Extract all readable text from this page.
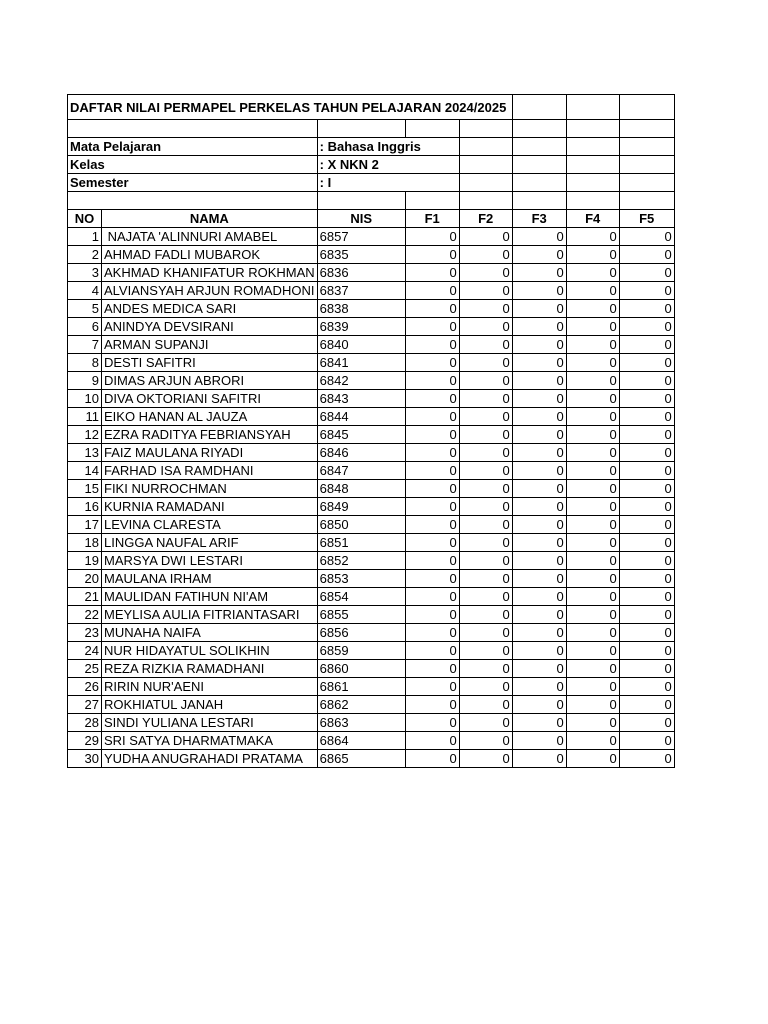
DAFTAR NILAI PERMAPEL PERKELAS TAHUN PELAJARAN 2024/2025							

Mata Pelajaran		: Bahasa Inggris					
Kelas		: X NKN 2					
Semester		: I					

NO	NAMA	NIS	F1	F2	F3	F4	F5
1	NAJATA 'ALINNURI AMABEL	6857	0	0	0	0	0
2	AHMAD FADLI MUBAROK	6835	0	0	0	0	0
3	AKHMAD KHANIFATUR ROKHMAN	6836	0	0	0	0	0
4	ALVIANSYAH ARJUN ROMADHONI	6837	0	0	0	0	0
5	ANDES MEDICA SARI	6838	0	0	0	0	0
6	ANINDYA DEVSIRANI	6839	0	0	0	0	0
7	ARMAN SUPANJI	6840	0	0	0	0	0
8	DESTI SAFITRI	6841	0	0	0	0	0
9	DIMAS ARJUN ABRORI	6842	0	0	0	0	0
10	DIVA OKTORIANI SAFITRI	6843	0	0	0	0	0
11	EIKO HANAN AL JAUZA	6844	0	0	0	0	0
12	EZRA RADITYA FEBRIANSYAH	6845	0	0	0	0	0
13	FAIZ MAULANA RIYADI	6846	0	0	0	0	0
14	FARHAD ISA RAMDHANI	6847	0	0	0	0	0
15	FIKI NURROCHMAN	6848	0	0	0	0	0
16	KURNIA RAMADANI	6849	0	0	0	0	0
17	LEVINA CLARESTA	6850	0	0	0	0	0
18	LINGGA NAUFAL ARIF	6851	0	0	0	0	0
19	MARSYA DWI LESTARI	6852	0	0	0	0	0
20	MAULANA IRHAM	6853	0	0	0	0	0
21	MAULIDAN FATIHUN NI'AM	6854	0	0	0	0	0
22	MEYLISA AULIA FITRIANTASARI	6855	0	0	0	0	0
23	MUNAHA NAIFA	6856	0	0	0	0	0
24	NUR HIDAYATUL SOLIKHIN	6859	0	0	0	0	0
25	REZA RIZKIA RAMADHANI	6860	0	0	0	0	0
26	RIRIN NUR'AENI	6861	0	0	0	0	0
27	ROKHIATUL JANAH	6862	0	0	0	0	0
28	SINDI YULIANA LESTARI	6863	0	0	0	0	0
29	SRI SATYA DHARMATMAKA	6864	0	0	0	0	0
30	YUDHA ANUGRAHADI PRATAMA	6865	0	0	0	0	0
